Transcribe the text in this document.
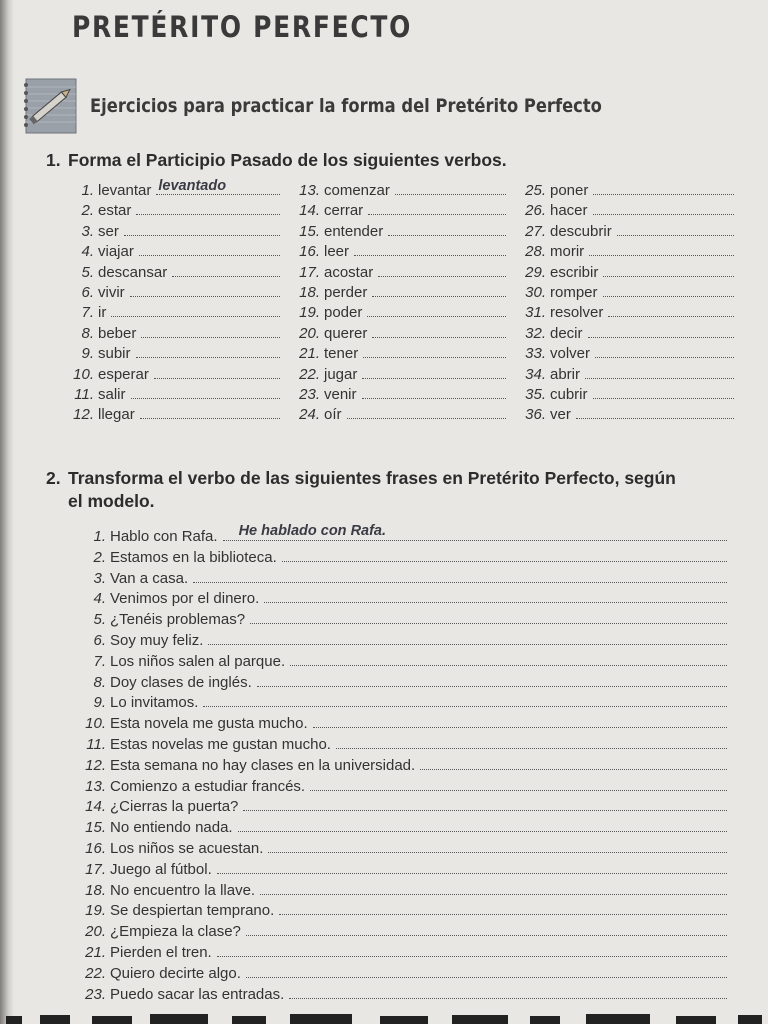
PRETÉRITO PERFECTO
Ejercicios para practicar la forma del Pretérito Perfecto
1. Forma el Participio Pasado de los siguientes verbos.
1. levantar levantado
2. estar
3. ser
4. viajar
5. descansar
6. vivir
7. ir
8. beber
9. subir
10. esperar
11. salir
12. llegar
13. comenzar
14. cerrar
15. entender
16. leer
17. acostar
18. perder
19. poder
20. querer
21. tener
22. jugar
23. venir
24. oír
25. poner
26. hacer
27. descubrir
28. morir
29. escribir
30. romper
31. resolver
32. decir
33. volver
34. abrir
35. cubrir
36. ver
2. Transforma el verbo de las siguientes frases en Pretérito Perfecto, según
el modelo.
1. Hablo con Rafa. He hablado con Rafa.
2. Estamos en la biblioteca.
3. Van a casa.
4. Venimos por el dinero.
5. ¿Tenéis problemas?
6. Soy muy feliz.
7. Los niños salen al parque.
8. Doy clases de inglés.
9. Lo invitamos.
10. Esta novela me gusta mucho.
11. Estas novelas me gustan mucho.
12. Esta semana no hay clases en la universidad.
13. Comienzo a estudiar francés.
14. ¿Cierras la puerta?
15. No entiendo nada.
16. Los niños se acuestan.
17. Juego al fútbol.
18. No encuentro la llave.
19. Se despiertan temprano.
20. ¿Empieza la clase?
21. Pierden el tren.
22. Quiero decirte algo.
23. Puedo sacar las entradas.
